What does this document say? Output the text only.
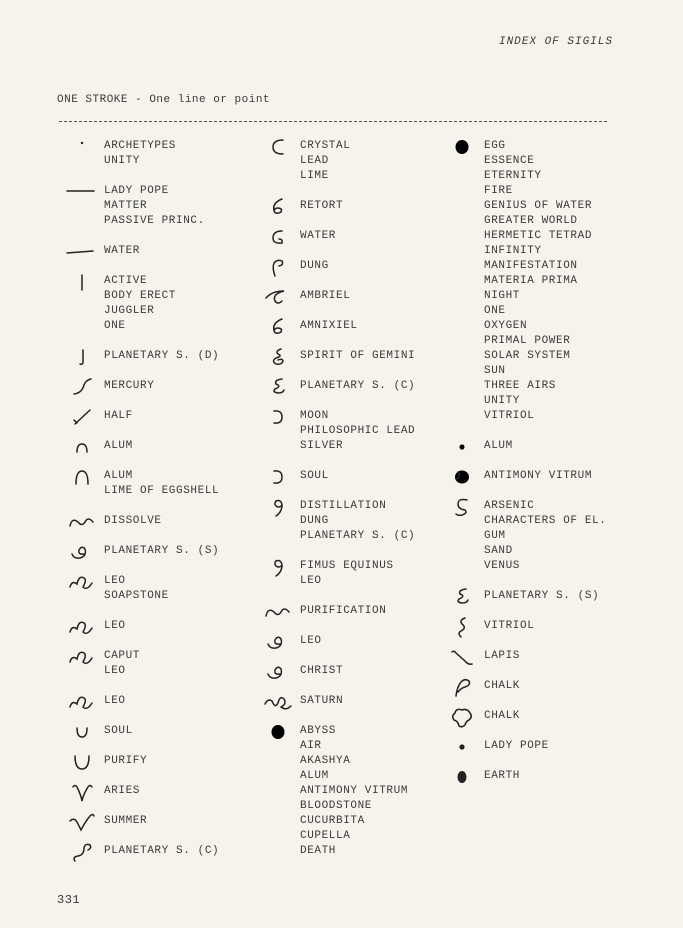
INDEX OF SIGILS
ONE STROKE - One line or point
ARCHETYPES
UNITY
LADY POPE
MATTER
PASSIVE PRINC.
WATER
ACTIVE
BODY ERECT
JUGGLER
ONE
PLANETARY S. (D)
MERCURY
HALF
ALUM
ALUM
LIME OF EGGSHELL
DISSOLVE
PLANETARY S. (S)
LEO
SOAPSTONE
LEO
CAPUT
LEO
LEO
SOUL
PURIFY
ARIES
SUMMER
PLANETARY S. (C)
CRYSTAL
LEAD
LIME
RETORT
WATER
DUNG
AMBRIEL
AMNIXIEL
SPIRIT OF GEMINI
PLANETARY S. (C)
MOON
PHILOSOPHIC LEAD
SILVER
SOUL
DISTILLATION
DUNG
PLANETARY S. (C)
FIMUS EQUINUS
LEO
PURIFICATION
LEO
CHRIST
SATURN
ABYSS
AIR
AKASHYA
ALUM
ANTIMONY VITRUM
BLOODSTONE
CUCURBITA
CUPELLA
DEATH
EGG
ESSENCE
ETERNITY
FIRE
GENIUS OF WATER
GREATER WORLD
HERMETIC TETRAD
INFINITY
MANIFESTATION
MATERIA PRIMA
NIGHT
ONE
OXYGEN
PRIMAL POWER
SOLAR SYSTEM
SUN
THREE AIRS
UNITY
VITRIOL
ALUM
ANTIMONY VITRUM
ARSENIC
CHARACTERS OF EL.
GUM
SAND
VENUS
PLANETARY S. (S)
VITRIOL
LAPIS
CHALK
CHALK
LADY POPE
EARTH
331
